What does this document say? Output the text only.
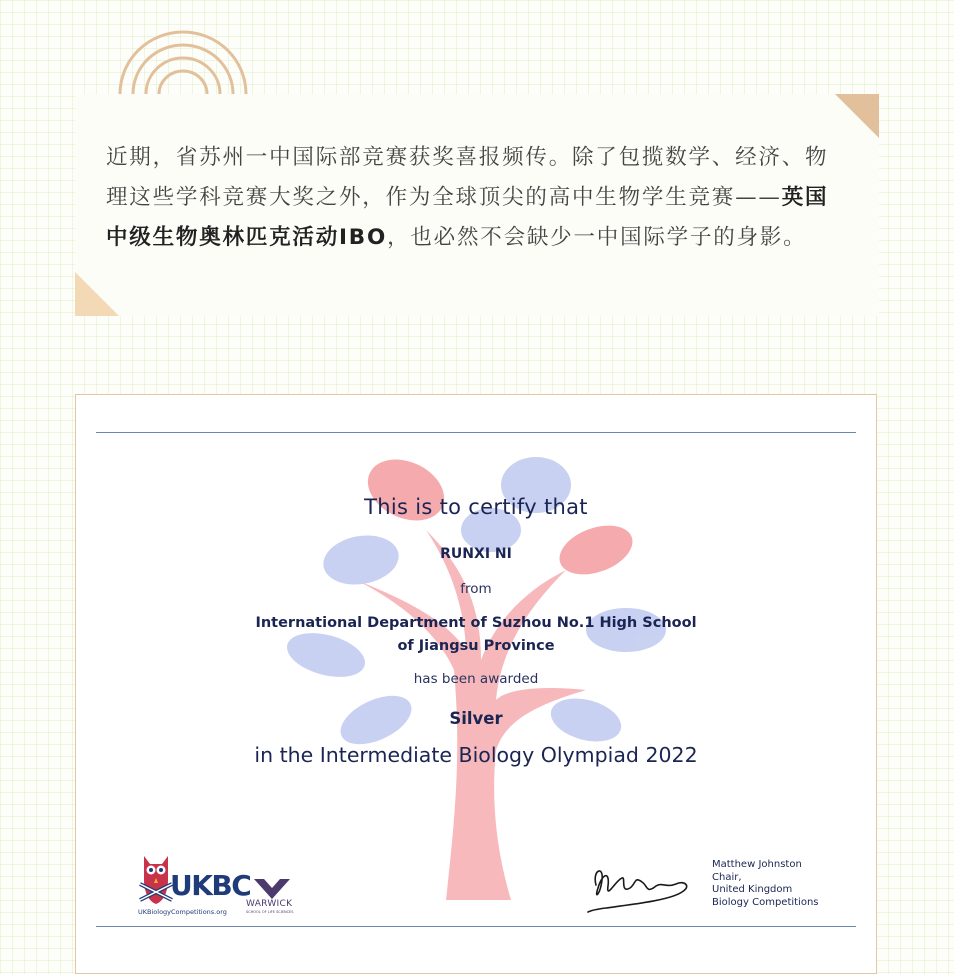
近期，省苏州一中国际部竞赛获奖喜报频传。除了包揽数学、经济、物理这些学科竞赛大奖之外，作为全球顶尖的高中生物学生竞赛——英国中级生物奥林匹克活动IBO，也必然不会缺少一中国际学子的身影。

This is to certify that
RUNXI NI
from
International Department of Suzhou No.1 High School
of Jiangsu Province
has been awarded
Silver
in the Intermediate Biology Olympiad 2022
UKBC
UKBiologyCompetitions.org
WARWICK
SCHOOL OF LIFE SCIENCES
Matthew Johnston
Chair,
United Kingdom
Biology Competitions
